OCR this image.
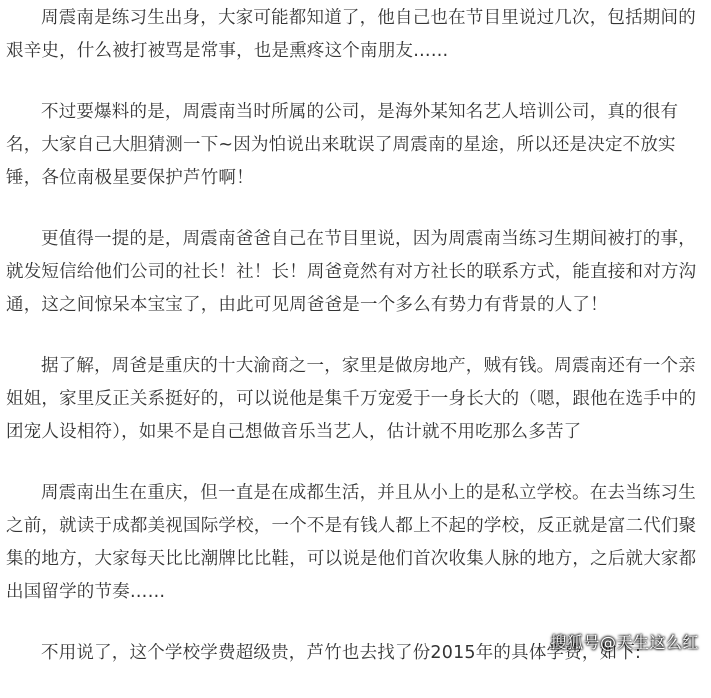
周震南是练习生出身，大家可能都知道了，他自己也在节目里说过几次，包括期间的艰辛史，什么被打被骂是常事，也是熏疼这个南朋友……

不过要爆料的是，周震南当时所属的公司，是海外某知名艺人培训公司，真的很有名，大家自己大胆猜测一下~因为怕说出来耽误了周震南的星途，所以还是决定不放实锤，各位南极星要保护芦竹啊！

更值得一提的是，周震南爸爸自己在节目里说，因为周震南当练习生期间被打的事，就发短信给他们公司的社长！社！长！周爸竟然有对方社长的联系方式，能直接和对方沟通，这之间惊呆本宝宝了，由此可见周爸爸是一个多么有势力有背景的人了！

据了解，周爸是重庆的十大渝商之一，家里是做房地产，贼有钱。周震南还有一个亲姐姐，家里反正关系挺好的，可以说他是集千万宠爱于一身长大的（嗯，跟他在选手中的团宠人设相符），如果不是自己想做音乐当艺人，估计就不用吃那么多苦了

周震南出生在重庆，但一直是在成都生活，并且从小上的是私立学校。在去当练习生之前，就读于成都美视国际学校，一个不是有钱人都上不起的学校，反正就是富二代们聚集的地方，大家每天比比潮牌比比鞋，可以说是他们首次收集人脉的地方，之后就大家都出国留学的节奏……

不用说了，这个学校学费超级贵，芦竹也去找了份2015年的具体学费，如下:

搜狐号@天生这么红
